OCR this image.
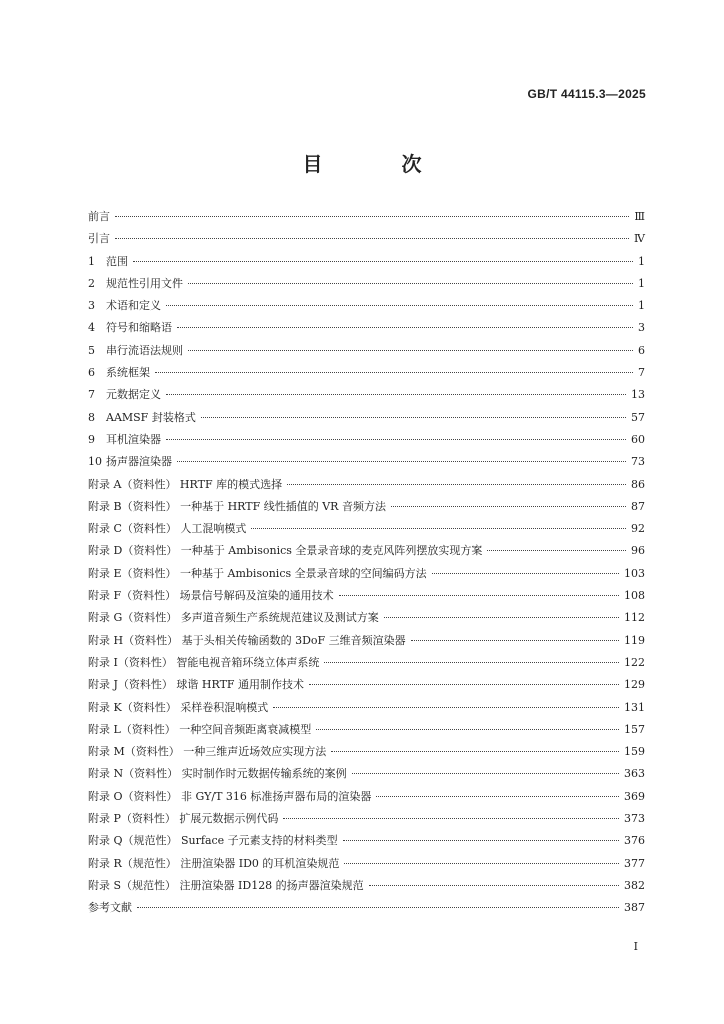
GB/T 44115.3—2025
目 次
前言	Ⅲ
引言	Ⅳ
1	范围	1
2	规范性引用文件	1
3	术语和定义	1
4	符号和缩略语	3
5	串行流语法规则	6
6	系统框架	7
7	元数据定义	13
8	AAMSF 封装格式	57
9	耳机渲染器	60
10 扬声器渲染器	73
附录 A（资料性） HRTF 库的模式选择	86
附录 B（资料性） 一种基于 HRTF 线性插值的 VR 音频方法	87
附录 C（资料性） 人工混响模式	92
附录 D（资料性） 一种基于 Ambisonics 全景录音球的麦克风阵列摆放实现方案	96
附录 E（资料性） 一种基于 Ambisonics 全景录音球的空间编码方法	103
附录 F（资料性） 场景信号解码及渲染的通用技术	108
附录 G（资料性） 多声道音频生产系统规范建议及测试方案	112
附录 H（资料性） 基于头相关传输函数的 3DoF 三维音频渲染器	119
附录 I（资料性） 智能电视音箱环绕立体声系统	122
附录 J（资料性） 球谐 HRTF 通用制作技术	129
附录 K（资料性） 采样卷积混响模式	131
附录 L（资料性） 一种空间音频距离衰减模型	157
附录 M（资料性） 一种三维声近场效应实现方法	159
附录 N（资料性） 实时制作时元数据传输系统的案例	363
附录 O（资料性） 非 GY/T 316 标准扬声器布局的渲染器	369
附录 P（资料性） 扩展元数据示例代码	373
附录 Q（规范性） Surface 子元素支持的材料类型	376
附录 R（规范性） 注册渲染器 ID0 的耳机渲染规范	377
附录 S（规范性） 注册渲染器 ID128 的扬声器渲染规范	382
参考文献	387
I
